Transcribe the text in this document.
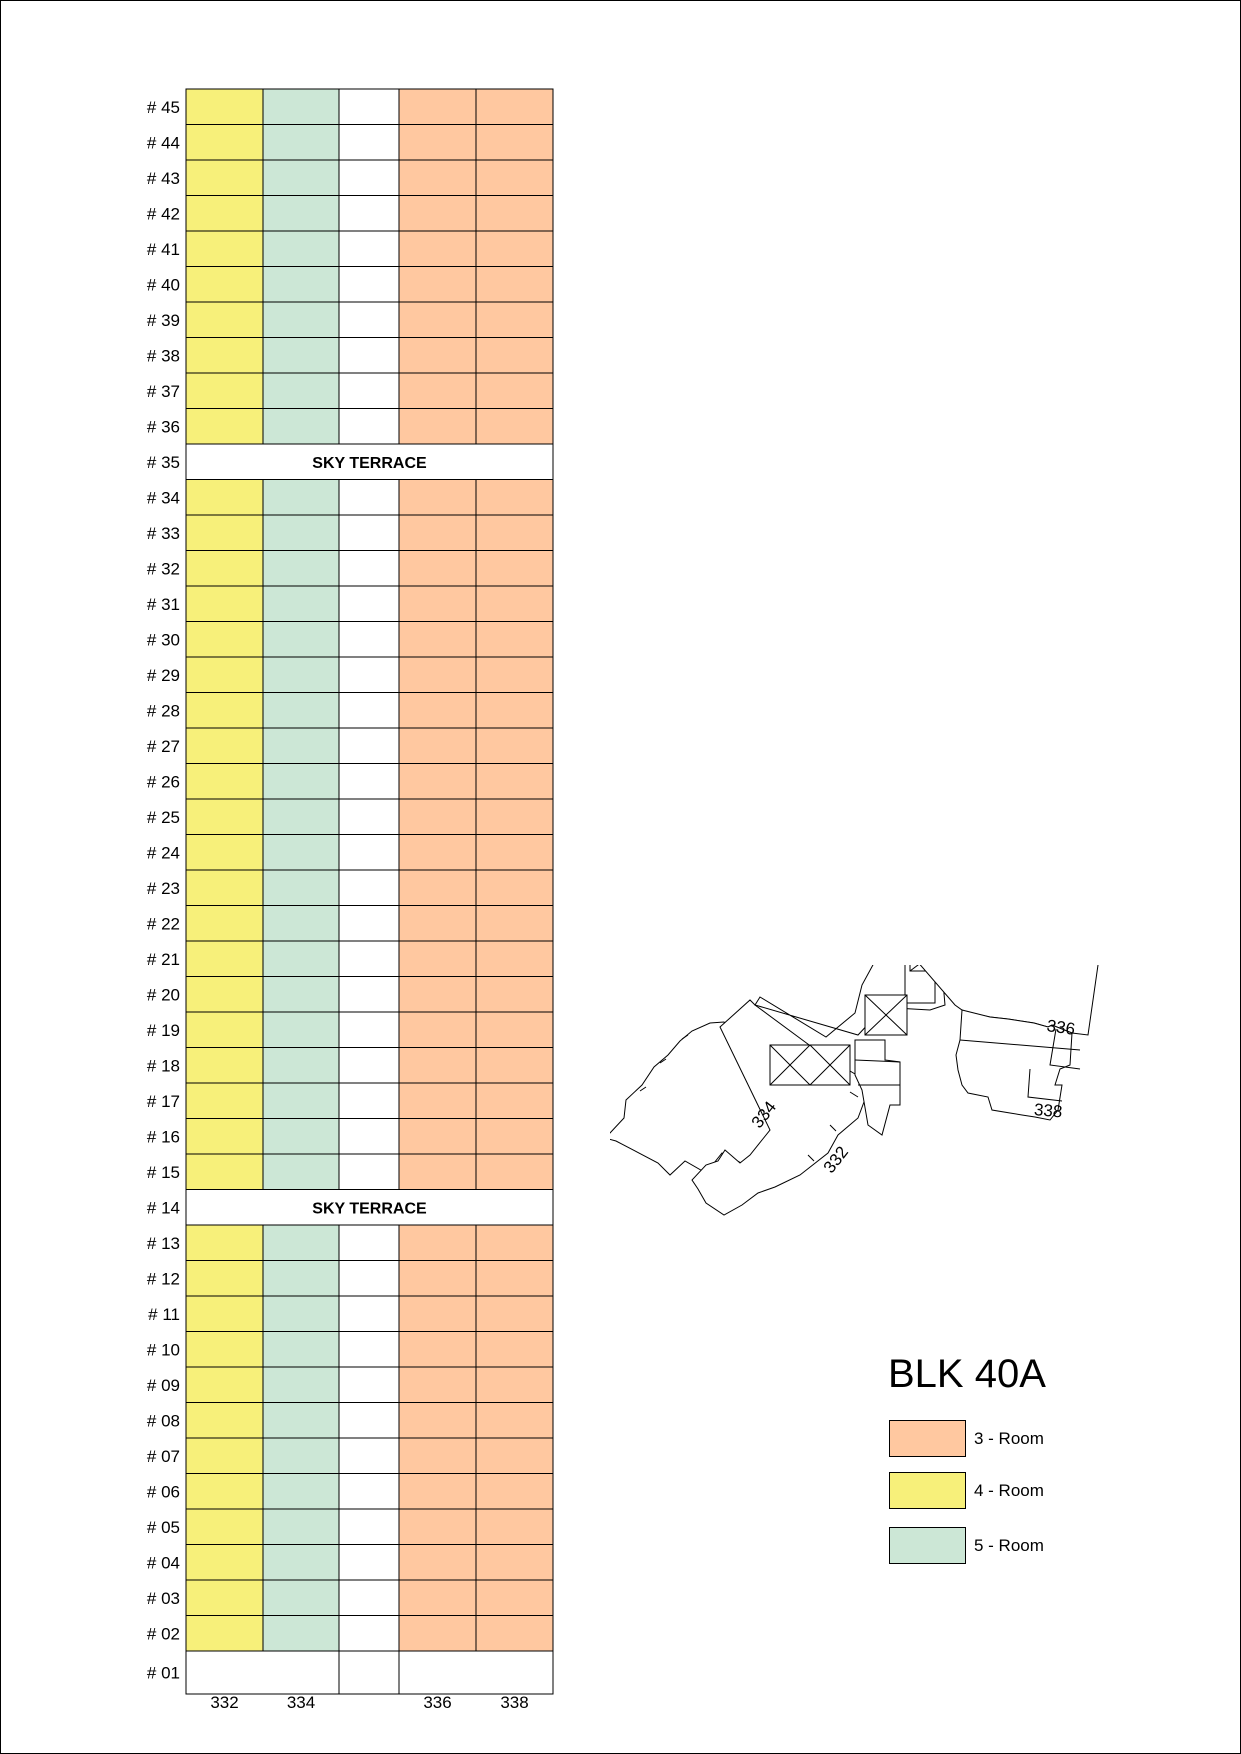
# 45
# 44
# 43
# 42
# 41
# 40
# 39
# 38
# 37
# 36
# 35	SKY TERRACE
# 34
# 33
# 32
# 31
# 30
# 29
# 28
# 27
# 26
# 25
# 24
# 23
# 22
# 21
# 20
# 19
# 18
# 17
# 16
# 15
# 14	SKY TERRACE
# 13
# 12
# 11
# 10
# 09
# 08
# 07
# 06
# 05
# 04
# 03
# 02
# 01
332	334	336	338
336
338
334
332
BLK 40A
3 - Room
4 - Room
5 - Room
